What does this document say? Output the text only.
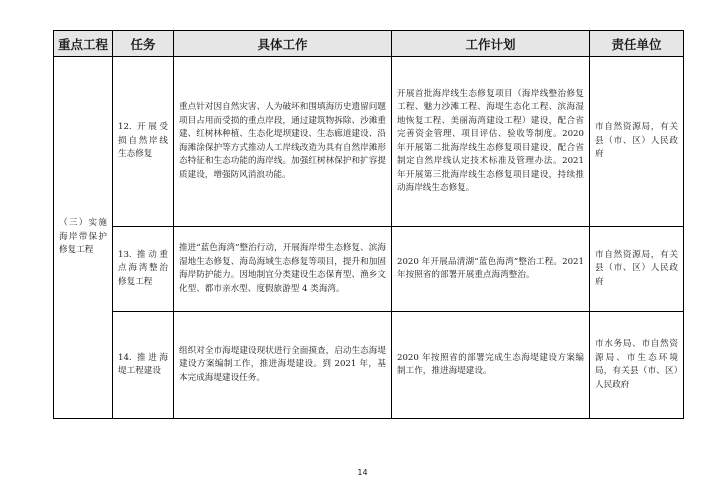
重点工程	任务	具体工作	工作计划	责任单位
（三）实施海岸带保护修复工程	12. 开展受损自然岸线生态修复	重点针对因自然灾害、人为破坏和围填海历史遗留问题项目占用而受损的重点岸段，通过建筑物拆除、沙滩重建、红树林种植、生态化堤坝建设、生态廊道建设、沿海滩涂保护等方式推动人工岸线改造为具有自然岸滩形态特征和生态功能的海岸线。加强红树林保护和扩容提质建设，增强防风消浪功能。	开展首批海岸线生态修复项目（海岸线整治修复工程、魅力沙滩工程、海堤生态化工程、滨海湿地恢复工程、美丽海湾建设工程）建设，配合省完善资金管理、项目评估、验收等制度。2020 年开展第二批海岸线生态修复项目建设，配合省制定自然岸线认定技术标准及管理办法。2021 年开展第三批海岸线生态修复项目建设，持续推动海岸线生态修复。	市自然资源局，有关县（市、区）人民政府
	13. 推动重点海湾整治修复工程	推进“蓝色海湾”整治行动，开展海岸带生态修复、滨海湿地生态修复、海岛海域生态修复等项目，提升和加固海岸防护能力。因地制宜分类建设生态保育型、渔乡文化型、都市亲水型、度假旅游型 4 类海湾。	2020 年开展品清湖“蓝色海湾”整治工程。2021 年按照省的部署开展重点海湾整治。	市自然资源局，有关县（市、区）人民政府
	14. 推进海堤工程建设	组织对全市海堤建设现状进行全面摸查，启动生态海堤建设方案编制工作，推进海堤建设。到 2021 年，基本完成海堤建设任务。	2020 年按照省的部署完成生态海堤建设方案编制工作，推进海堤建设。	市水务局、市自然资源局、市生态环境局，有关县（市、区）人民政府
14
